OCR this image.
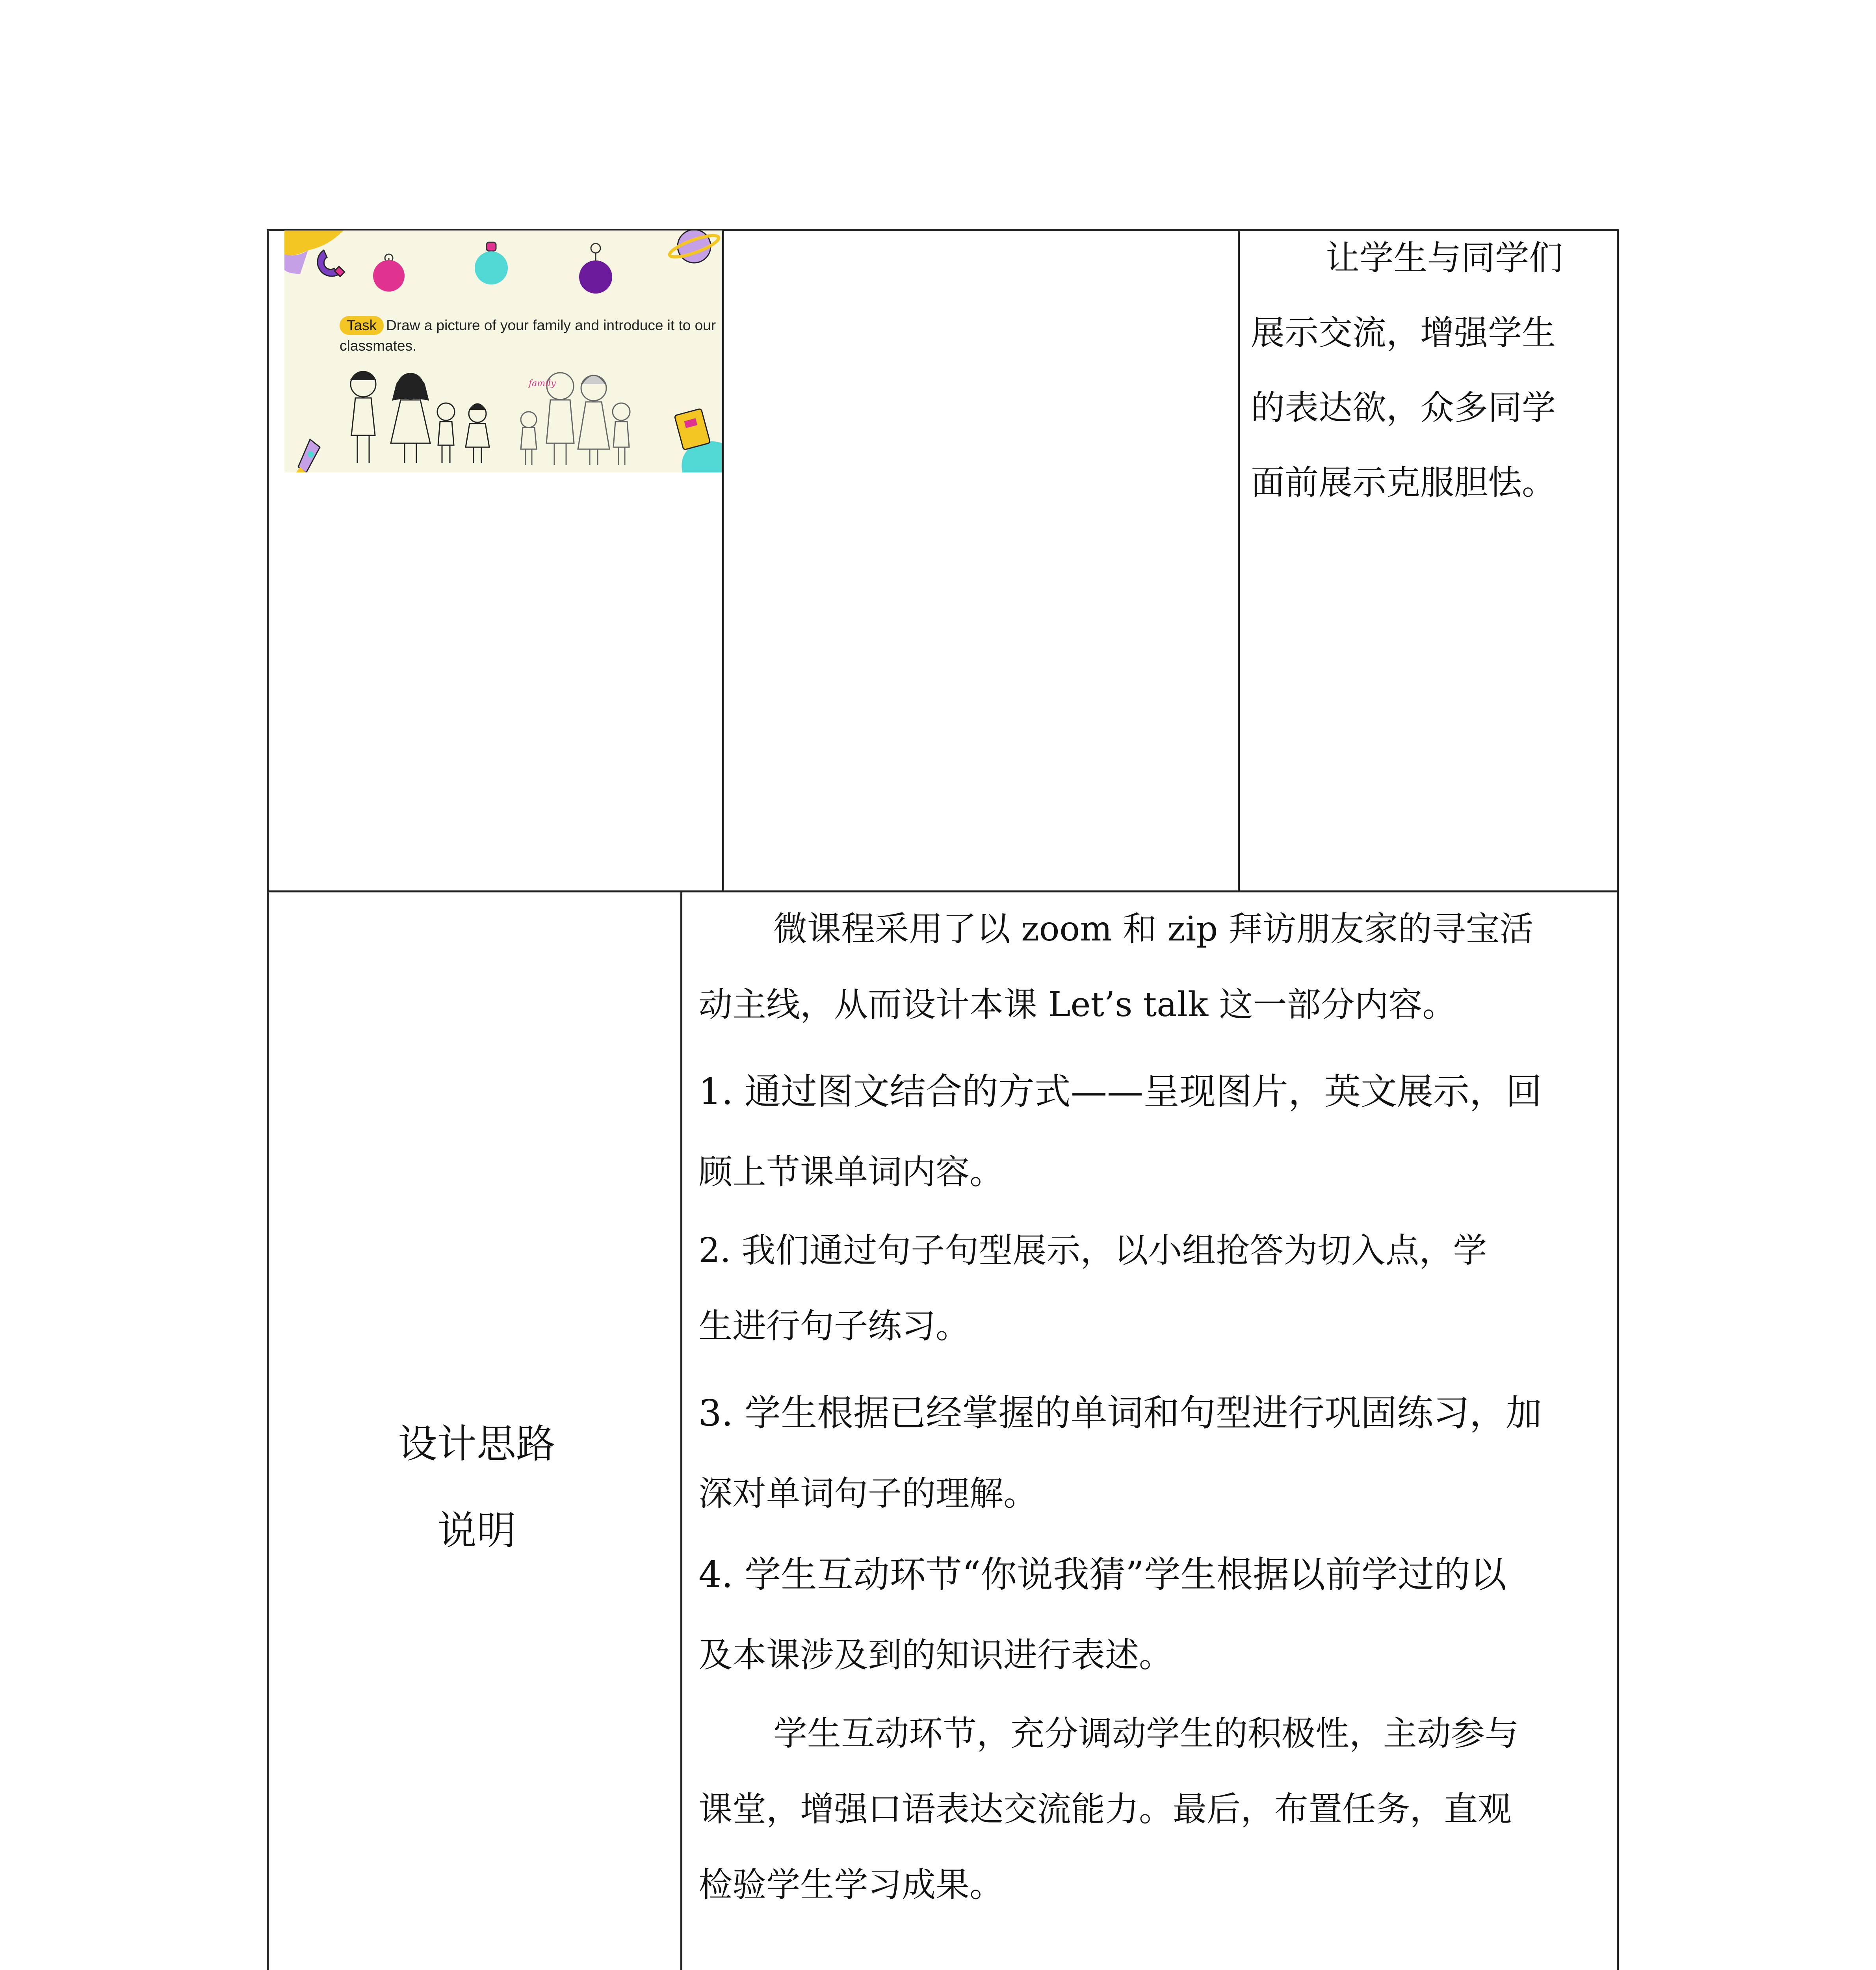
family
Task Draw a picture of your family and introduce it to our classmates.
让学生与同学们
展示交流，增强学生
的表达欲，众多同学
面前展示克服胆怯。
设计思路
说明

微课程采用了以 zoom 和 zip 拜访朋友家的寻宝活

动主线，从而设计本课 Let’s talk 这一部分内容。

1. 通过图文结合的方式——呈现图片，英文展示，回

顾上节课单词内容。

2. 我们通过句子句型展示，以小组抢答为切入点，学

生进行句子练习。

3. 学生根据已经掌握的单词和句型进行巩固练习，加

深对单词句子的理解。

4. 学生互动环节“你说我猜”学生根据以前学过的以

及本课涉及到的知识进行表述。

学生互动环节，充分调动学生的积极性，主动参与

课堂，增强口语表达交流能力。最后，布置任务，直观

检验学生学习成果。
